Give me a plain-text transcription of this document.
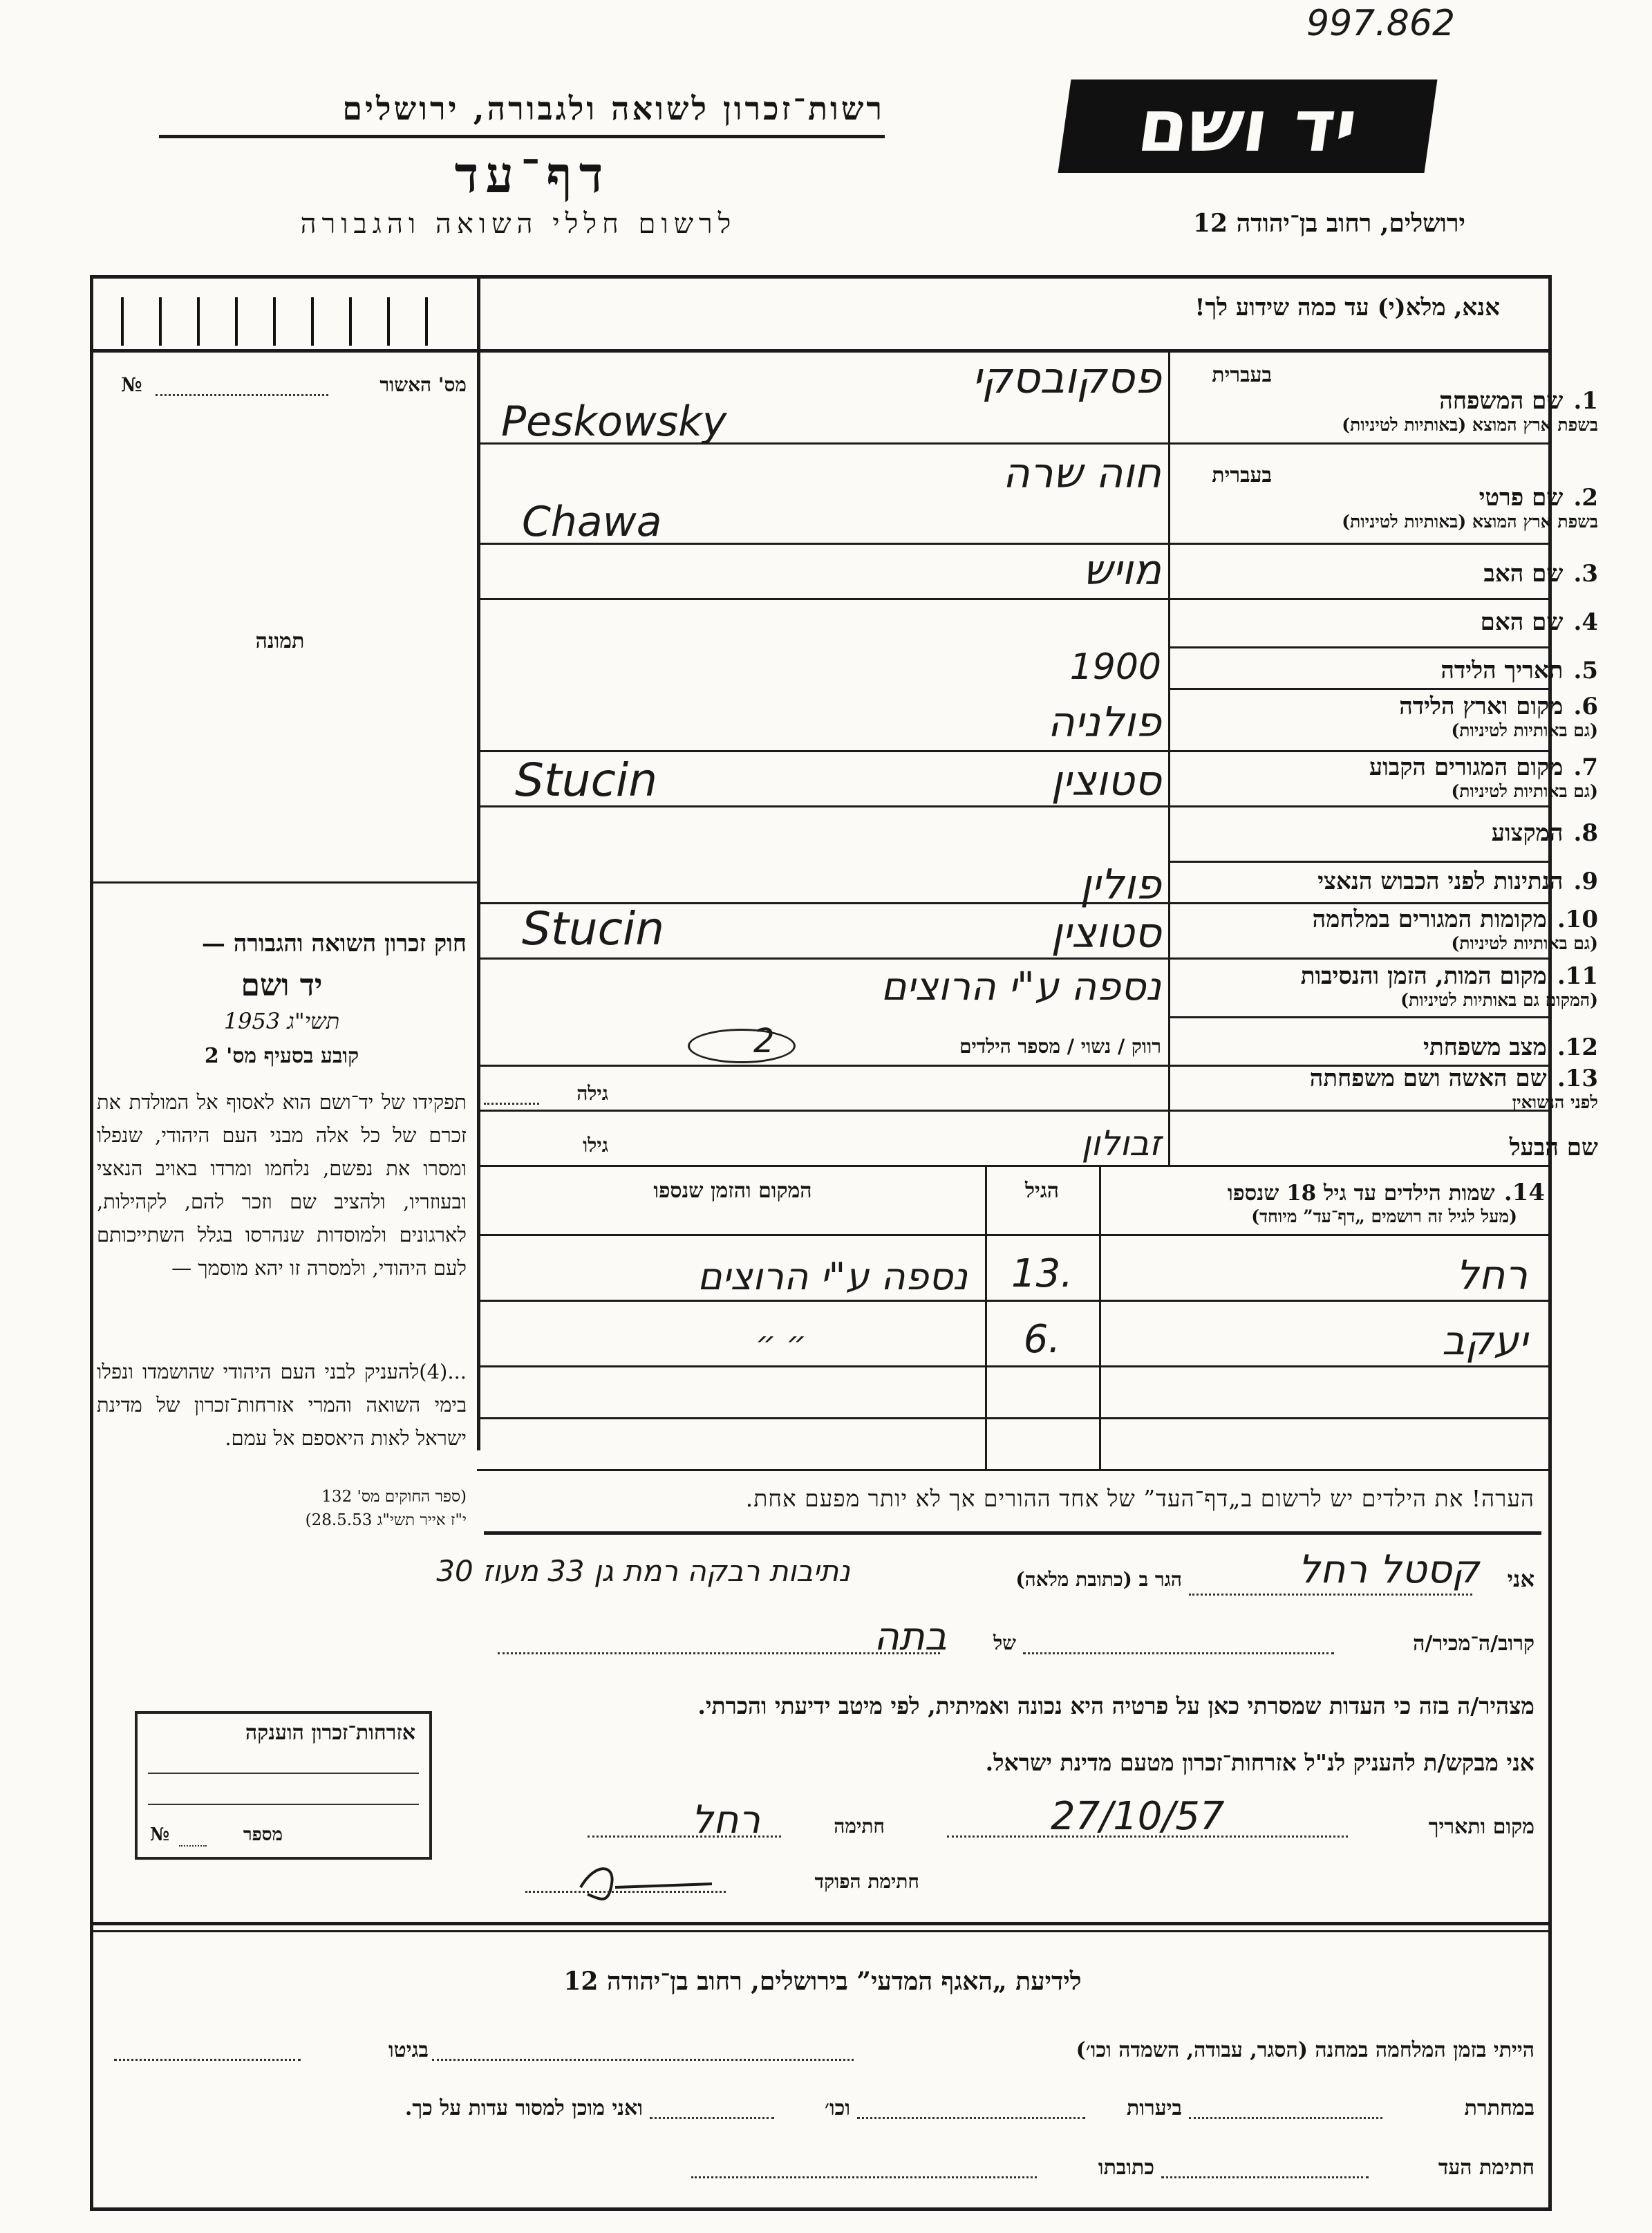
997.862
יד ושם
רשות־זכרון לשואה ולגבורה, ירושלים
דף־עד
לרשום חללי השואה והגבורה	ירושלים, רחוב בן־יהודה 12
מס' האשור
№
תמונה
חוק זכרון השואה והגבורה —
יד ושם
תשי"ג 1953
קובע בסעיף מס' 2
תפקידו של יד־ושם הוא לאסוף אל המולדת את זכרם של כל אלה מבני העם היהודי, שנפלו ומסרו את נפשם, נלחמו ומרדו באויב הנאצי ובעוזריו, ולהציב שם וזכר להם, לקהילות, לארגונים ולמוסדות שנהרסו בגלל השתייכותם לעם היהודי, ולמסרה זו יהא מוסמך —
...(4)להעניק לבני העם היהודי שהושמדו ונפלו בימי השואה והמרי אזרחות־זכרון של מדינת ישראל לאות היאספם אל עמם.
(ספר החוקים מס' 132
י"ז אייר תשי"ג 28.5.53)
אנא, מלא(י) עד כמה שידוע לך!
1. שם המשפחה
בשפת ארץ המוצא (באותיות לטיניות)
בעברית
פסקובסקי
Peskowsky
2. שם פרטי
בשפת ארץ המוצא (באותיות לטיניות)
בעברית
חוה שרה
Chawa
3. שם האב
מויש
4. שם האם
5. תאריך הלידה
1900
6. מקום וארץ הלידה
(גם באותיות לטיניות)
פולניה
7. מקום המגורים הקבוע
(גם באותיות לטיניות)
סטוצין
Stucin
8. המקצוע
9. הנתינות לפני הכבוש הנאצי
פולין
10. מקומות המגורים במלחמה
(גם באותיות לטיניות)
סטוצין
Stucin
11. מקום המות, הזמן והנסיבות
(המקום גם באותיות לטיניות)
נספה ע"י הרוצים
12. מצב משפחתי
רווק / נשוי / מספר הילדים
2
13. שם האשה ושם משפחתה
לפני הנשואין
גילה
שם הבעל
גילו	זבולון
14. שמות הילדים עד גיל 18 שנספו
(מעל לגיל זה רושמים „דף־עד” מיוחד)
הגיל
המקום והזמן שנספו
רחל
13.
נספה ע"י הרוצים
יעקב
6.
״ ״
הערה! את הילדים יש לרשום ב„דף־העד” של אחד ההורים אך לא יותר מפעם אחת.
אני
קסטל רחל
הגר ב (כתובת מלאה)
נתיבות רבקה רמת גן 33 מעוז 30
קרוב/ה־מכיר/ה
של
בתה
מצהיר/ה בזה כי העדות שמסרתי כאן על פרטיה היא נכונה ואמיתית, לפי מיטב ידיעתי והכרתי.
אזרחות־זכרון הוענקה
מספר
№
אני מבקש/ת להעניק לנ"ל אזרחות־זכרון מטעם מדינת ישראל.
מקום ותאריך
27/10/57
חתימה
רחל
חתימת הפוקד
לידיעת „האגף המדעי” בירושלים, רחוב בן־יהודה 12
הייתי בזמן המלחמה במחנה (הסגר, עבודה, השמדה וכו׳)
בגיטו
במחתרת
ביערות
וכו׳
ואני מוכן למסור עדות על כך.
חתימת העד
כתובתו
